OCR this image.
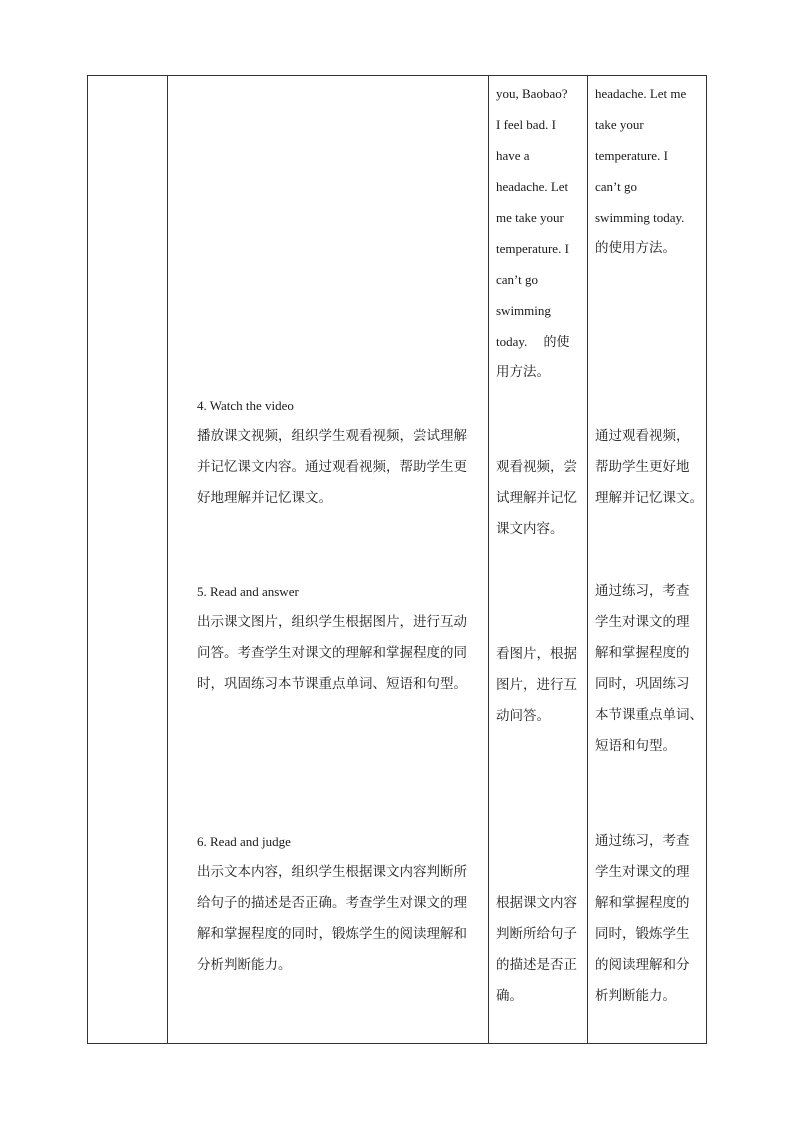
you, Baobao?

I feel bad. I

have a

headache. Let

me take your

temperature. I

can’t go

swimming

today.     的使

用方法。

headache. Let me

take your

temperature. I

can’t go

swimming today.

的使用方法。

4. Watch the video

播放课文视频，组织学生观看视频，尝试理解

并记忆课文内容。通过观看视频，帮助学生更

好地理解并记忆课文。

观看视频，尝

试理解并记忆

课文内容。

通过观看视频，

帮助学生更好地

理解并记忆课文。

5. Read and answer

出示课文图片，组织学生根据图片，进行互动

问答。考查学生对课文的理解和掌握程度的同

时，巩固练习本节课重点单词、短语和句型。

看图片，根据

图片，进行互

动问答。

通过练习，考查

学生对课文的理

解和掌握程度的

同时，巩固练习

本节课重点单词、

短语和句型。

6. Read and judge

出示文本内容，组织学生根据课文内容判断所

给句子的描述是否正确。考查学生对课文的理

解和掌握程度的同时，锻炼学生的阅读理解和

分析判断能力。

根据课文内容

判断所给句子

的描述是否正

确。

通过练习，考查

学生对课文的理

解和掌握程度的

同时，锻炼学生

的阅读理解和分

析判断能力。
